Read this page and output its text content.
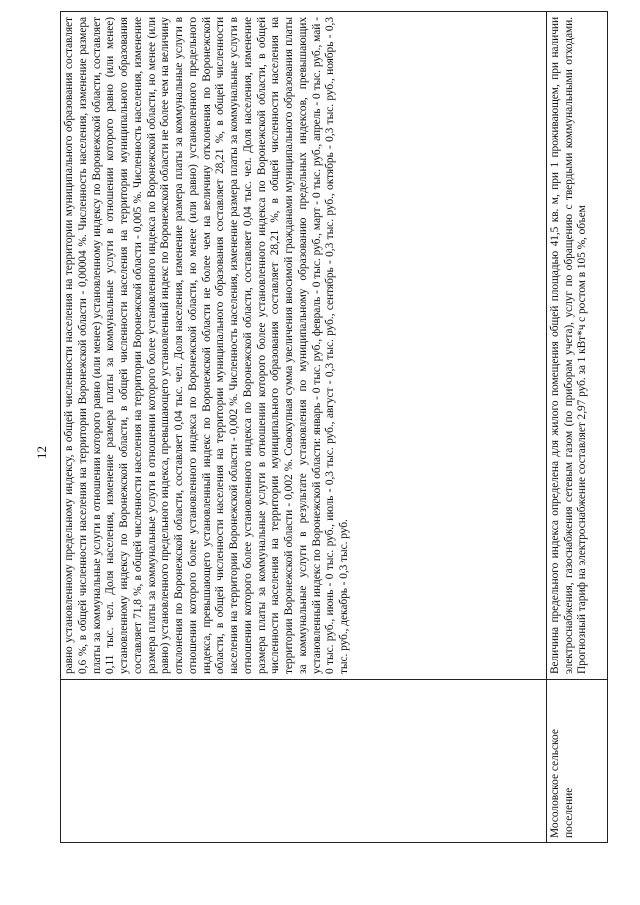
12 равно установленному предельному индексу, в общей численности населения на территории муниципального образования составляет 0,6 %, в общей численности населения на территории Воронежской области - 0,00004 %. Численность населения, изменение размера платы за коммунальные услуги в отношении которого равно (или менее) установленному индексу по Воронежской области, составляет 0,11 тыс. чел. Доля населения, изменение размера платы за коммунальные услуги в отношении которого равно (или менее) установленному индексу по Воронежской области, в общей численности населения на территории муниципального образования составляет 71,8 %, в общей численности населения на территории Воронежской области - 0,005 %. Численность населения, изменение размера платы за коммунальные услуги в отношении которого более установленного индекса по Воронежской области, но менее (или равно) установленного предельного индекса, превышающего установленный индекс по Воронежской области не более чем на величину отклонения по Воронежской области, составляет 0,04 тыс. чел. Доля населения, изменение размера платы за коммунальные услуги в отношении которого более установленного индекса по Воронежской области, но менее (или равно) установленного предельного индекса, превышающего установленный индекс по Воронежской области не более чем на величину отклонения по Воронежской области, в общей численности населения на территории муниципального образования составляет 28,21 %, в общей численности населения на территории Воронежской области - 0,002 %. Численность населения, изменение размера платы за коммунальные услуги в отношении которого более установленного индекса по Воронежской области, составляет 0,04 тыс. чел. Доля населения, изменение размера платы за коммунальные услуги в отношении которого более установленного индекса по Воронежской области, в общей численности населения на территории муниципального образования составляет 28,21 %, в общей численности населения на территории Воронежской области - 0,002 %. Совокупная сумма увеличения вносимой гражданами муниципального образования платы за коммунальные услуги в результате установления по муниципальному образованию предельных индексов, превышающих установленный индекс по Воронежской области: январь - 0 тыс. руб., февраль - 0 тыс. руб., март - 0 тыс. руб., апрель - 0 тыс. руб., май - 0 тыс. руб., июнь - 0 тыс. руб., июль - 0,3 тыс. руб., август - 0,3 тыс. руб., сентябрь - 0,3 тыс. руб., октябрь - 0,3 тыс. руб., ноябрь - 0,3 тыс. руб., декабрь - 0,3 тыс. руб.
Мосоловское сельское поселение
Величина предельного индекса определена для жилого помещения общей площадью 41,5 кв. м, при 1 проживающем, при наличии электроснабжения, газоснабжения сетевым газом (по приборам учета), услуг по обращению с твердыми коммунальными отходами. Прогнозный тариф на электроснабжение составляет 2,97 руб. за 1 кВт*ч с ростом в 105 %, объем
